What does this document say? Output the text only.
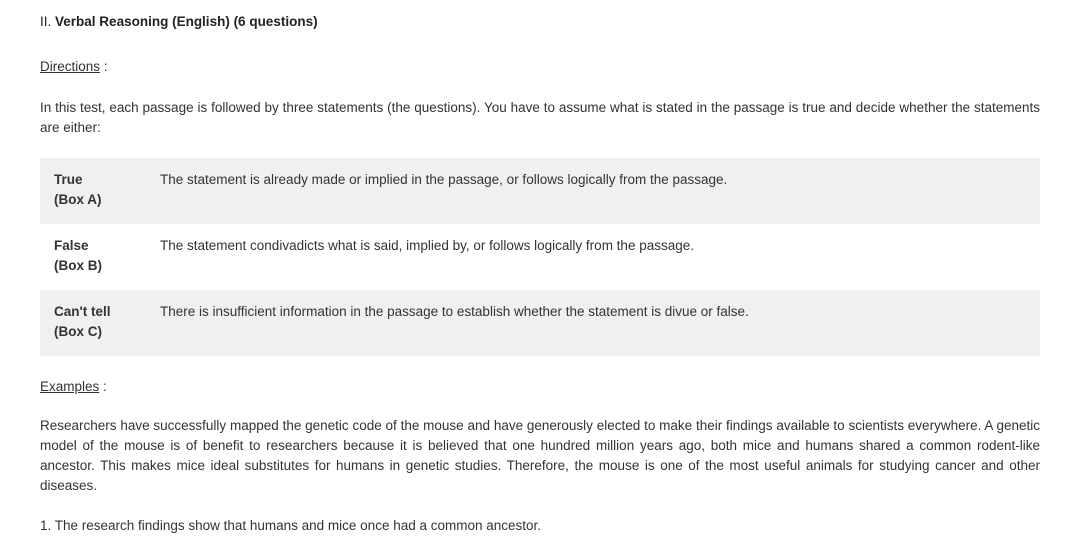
II. Verbal Reasoning (English) (6 questions)
Directions :
In this test, each passage is followed by three statements (the questions). You have to assume what is stated in the passage is true and decide whether the statements are either:
True
(Box A)	The statement is already made or implied in the passage, or follows logically from the passage.
False
(Box B)	The statement condivadicts what is said, implied by, or follows logically from the passage.
Can't tell
(Box C)	There is insufficient information in the passage to establish whether the statement is divue or false.
Examples :
Researchers have successfully mapped the genetic code of the mouse and have generously elected to make their findings available to scientists everywhere. A genetic model of the mouse is of benefit to researchers because it is believed that one hundred million years ago, both mice and humans shared a common rodent-like ancestor. This makes mice ideal substitutes for humans in genetic studies. Therefore, the mouse is one of the most useful animals for studying cancer and other diseases.
1. The research findings show that humans and mice once had a common ancestor.
